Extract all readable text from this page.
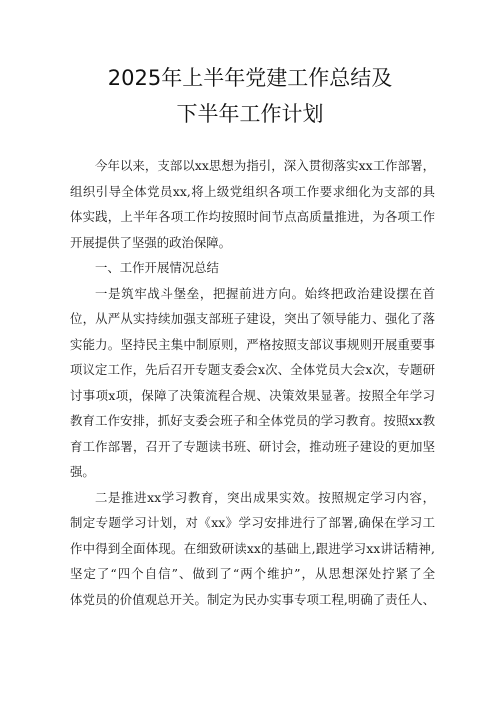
2025年上半年党建工作总结及
下半年工作计划
今年以来，支部以xx思想为指引，深入贯彻落实xx工作部署，
组织引导全体党员xx,将上级党组织各项工作要求细化为支部的具
体实践，上半年各项工作均按照时间节点高质量推进，为各项工作
开展提供了坚强的政治保障。
一、工作开展情况总结
一是筑牢战斗堡垒，把握前进方向。始终把政治建设摆在首
位，从严从实持续加强支部班子建设，突出了领导能力、强化了落
实能力。坚持民主集中制原则，严格按照支部议事规则开展重要事
项议定工作，先后召开专题支委会x次、全体党员大会x次，专题研
讨事项x项，保障了决策流程合规、决策效果显著。按照全年学习
教育工作安排，抓好支委会班子和全体党员的学习教育。按照xx教
育工作部署，召开了专题读书班、研讨会，推动班子建设的更加坚
强。
二是推进xx学习教育，突出成果实效。按照规定学习内容，
制定专题学习计划，对《xx》学习安排进行了部署,确保在学习工
作中得到全面体现。在细致研读xx的基础上,跟进学习xx讲话精神,
坚定了“四个自信”、做到了“两个维护”，从思想深处拧紧了全
体党员的价值观总开关。制定为民办实事专项工程,明确了责任人、
